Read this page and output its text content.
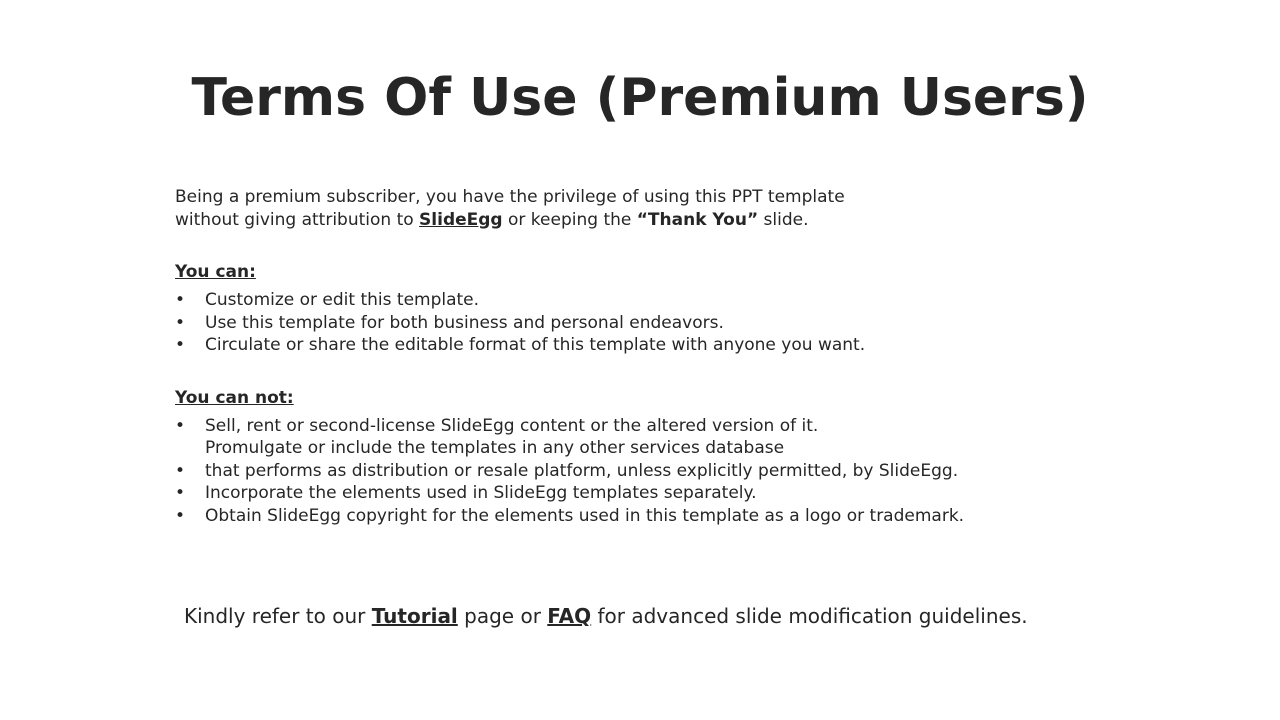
Terms Of Use (Premium Users)

Being a premium subscriber, you have the privilege of using this PPT template
without giving attribution to SlideEgg or keeping the “Thank You” slide.

You can:
• Customize or edit this template.
• Use this template for both business and personal endeavors.
• Circulate or share the editable format of this template with anyone you want.
You can not:
• Sell, rent or second-license SlideEgg content or the altered version of it.
Promulgate or include the templates in any other services database
• that performs as distribution or resale platform, unless explicitly permitted, by SlideEgg.
• Incorporate the elements used in SlideEgg templates separately.
• Obtain SlideEgg copyright for the elements used in this template as a logo or trademark.
Kindly refer to our Tutorial page or FAQ for advanced slide modification guidelines.
